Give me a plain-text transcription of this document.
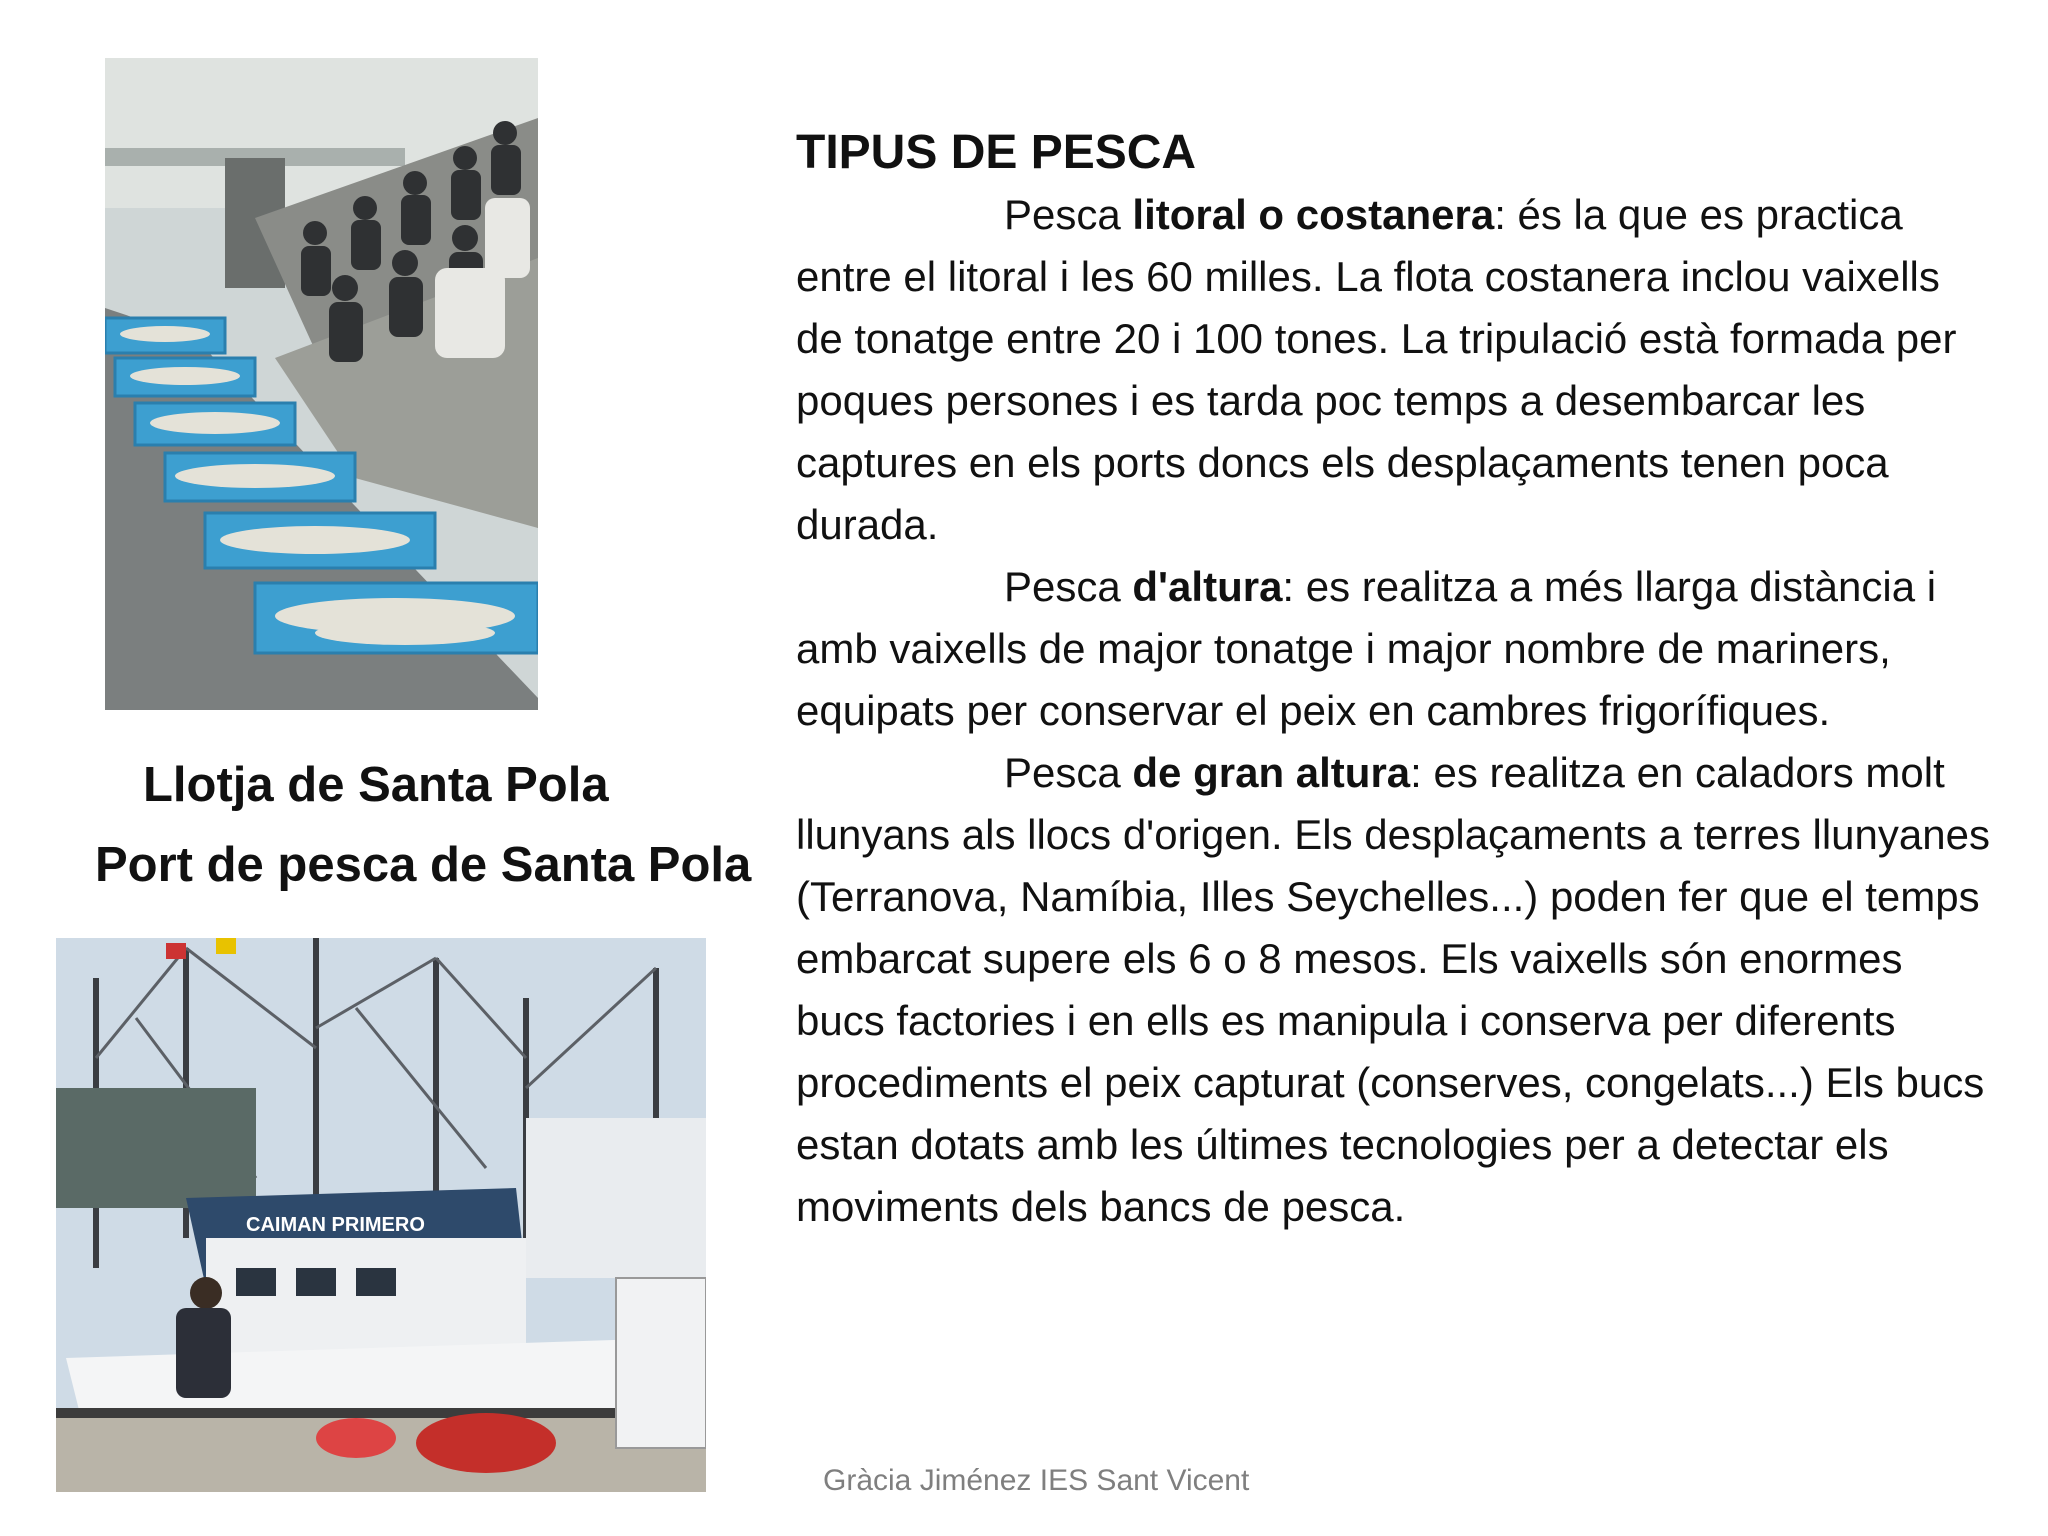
Llotja de Santa Pola
Port de pesca de Santa Pola
CAIMAN PRIMERO

TIPUS DE PESCA

Pesca litoral o costanera: és la que es practica entre el litoral i les 60 milles. La flota costanera inclou vaixells de tonatge entre 20 i 100 tones. La tripulació està formada per poques persones i es tarda poc temps a desembarcar les captures en els ports doncs els desplaçaments tenen poca durada.

Pesca d'altura: es realitza a més llarga distància i amb vaixells de major tonatge i major nombre de mariners, equipats per conservar el peix en cambres frigorífiques.

Pesca de gran altura: es realitza en caladors molt llunyans als llocs d'origen. Els desplaçaments a terres llunyanes (Terranova, Namíbia, Illes Seychelles...) poden fer que el temps embarcat supere els 6 o 8 mesos. Els vaixells són enormes bucs factories i en ells es manipula i conserva per diferents procediments el peix capturat (conserves, congelats...) Els bucs estan dotats amb les últimes tecnologies per a detectar els moviments dels bancs de pesca.

Gràcia Jiménez IES Sant Vicent
